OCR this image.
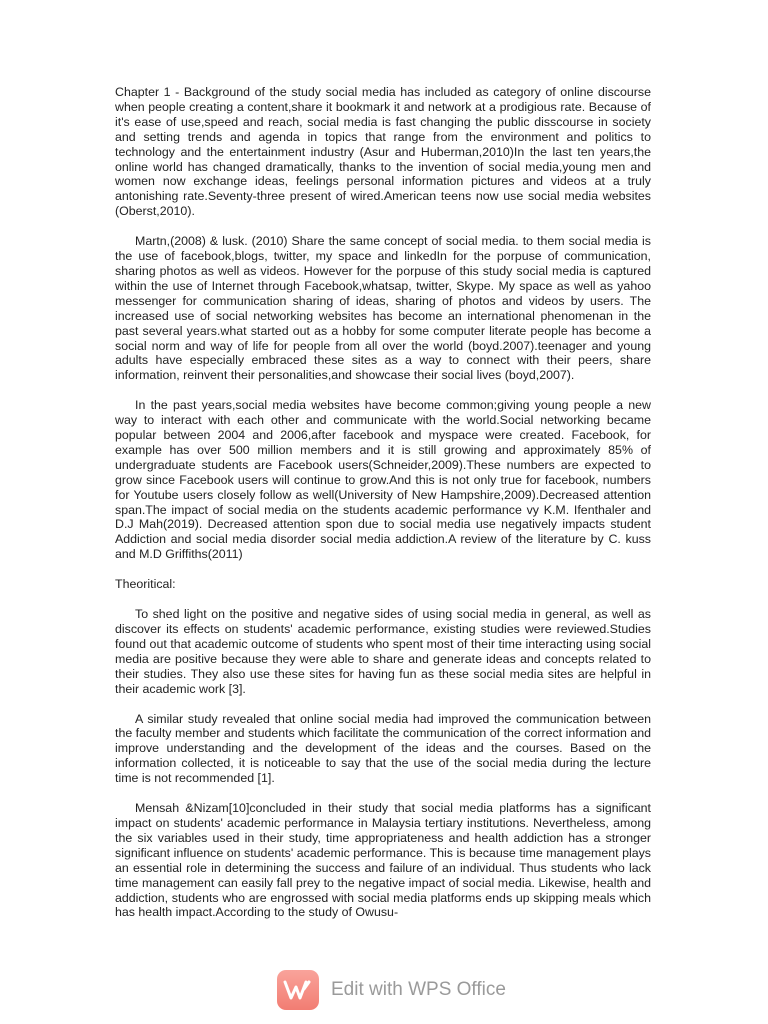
Chapter 1 - Background of the study social media has included as category of online discourse when people creating a content,share it bookmark it and network at a prodigious rate. Because of it's ease of use,speed and reach, social media is fast changing the public disscourse in society and setting trends and agenda in topics that range from the environment and politics to technology and the entertainment industry (Asur and Huberman,2010)In the last ten years,the online world has changed dramatically, thanks to the invention of social media,young men and women now exchange ideas, feelings personal information pictures and videos at a truly antonishing rate.Seventy-three present of wired.American teens now use social media websites (Oberst,2010).

Martn,(2008) & lusk. (2010) Share the same concept of social media. to them social media is the use of facebook,blogs, twitter, my space and linkedIn for the porpuse of communication, sharing photos as well as videos. However for the porpuse of this study social media is captured within the use of Internet through Facebook,whatsap, twitter, Skype. My space as well as yahoo messenger for communication sharing of ideas, sharing of photos and videos by users. The increased use of social networking websites has become an international phenomenan in the past several years.what started out as a hobby for some computer literate people has become a social norm and way of life for people from all over the world (boyd.2007).teenager and young adults have especially embraced these sites as a way to connect with their peers, share information, reinvent their personalities,and showcase their social lives (boyd,2007).

In the past years,social media websites have become common;giving young people a new way to interact with each other and communicate with the world.Social networking became popular between 2004 and 2006,after facebook and myspace were created. Facebook, for example has over 500 million members and it is still growing and approximately 85% of undergraduate students are Facebook users(Schneider,2009).These numbers are expected to grow since Facebook users will continue to grow.And this is not only true for facebook, numbers for Youtube users closely follow as well(University of New Hampshire,2009).Decreased attention span.The impact of social media on the students academic performance vy K.M. Ifenthaler and D.J Mah(2019). Decreased attention spon due to social media use negatively impacts student Addiction and social media disorder social media addiction.A review of the literature by C. kuss and M.D Griffiths(2011)

Theoritical:

To shed light on the positive and negative sides of using social media in general, as well as discover its effects on students' academic performance, existing studies were reviewed.Studies found out that academic outcome of students who spent most of their time interacting using social media are positive because they were able to share and generate ideas and concepts related to their studies. They also use these sites for having fun as these social media sites are helpful in their academic work [3].

A similar study revealed that online social media had improved the communication between the faculty member and students which facilitate the communication of the correct information and improve understanding and the development of the ideas and the courses. Based on the information collected, it is noticeable to say that the use of the social media during the lecture time is not recommended [1].

Mensah &Nizam[10]concluded in their study that social media platforms has a significant impact on students' academic performance in Malaysia tertiary institutions. Nevertheless, among the six variables used in their study, time appropriateness and health addiction has a stronger significant influence on students' academic performance. This is because time management plays an essential role in determining the success and failure of an individual. Thus students who lack time management can easily fall prey to the negative impact of social media. Likewise, health and addiction, students who are engrossed with social media platforms ends up skipping meals which has health impact.According to the study of Owusu-

Edit with WPS Office
